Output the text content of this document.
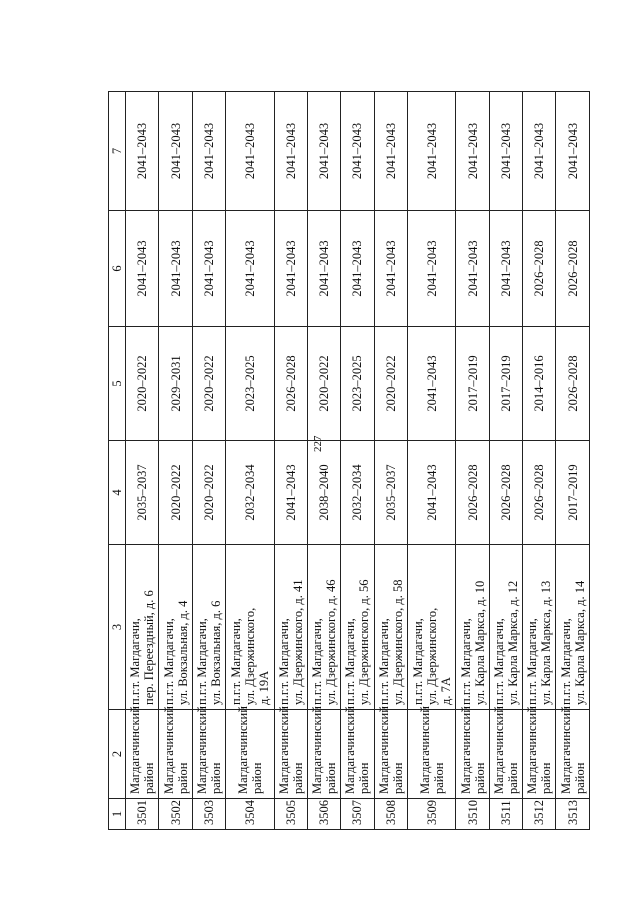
227
1	2	3	4	5	6	7
3501	Магдагачинский район	п.г.т. Магдагачи, пер. Переездный, д. 6	2035–2037	2020–2022	2041–2043	2041–2043
3502	Магдагачинский район	п.г.т. Магдагачи, ул. Вокзальная, д. 4	2020–2022	2029–2031	2041–2043	2041–2043
3503	Магдагачинский район	п.г.т. Магдагачи, ул. Вокзальная, д. 6	2020–2022	2020–2022	2041–2043	2041–2043
3504	Магдагачинский район	п.г.т. Магдагачи, ул. Дзержинского, д. 19А	2032–2034	2023–2025	2041–2043	2041–2043
3505	Магдагачинский район	п.г.т. Магдагачи, ул. Дзержинского, д. 41	2041–2043	2026–2028	2041–2043	2041–2043
3506	Магдагачинский район	п.г.т. Магдагачи, ул. Дзержинского, д. 46	2038–2040	2020–2022	2041–2043	2041–2043
3507	Магдагачинский район	п.г.т. Магдагачи, ул. Дзержинского, д. 56	2032–2034	2023–2025	2041–2043	2041–2043
3508	Магдагачинский район	п.г.т. Магдагачи, ул. Дзержинского, д. 58	2035–2037	2020–2022	2041–2043	2041–2043
3509	Магдагачинский район	п.г.т. Магдагачи, ул. Дзержинского, д. 7А	2041–2043	2041–2043	2041–2043	2041–2043
3510	Магдагачинский район	п.г.т. Магдагачи, ул. Карла Маркса, д. 10	2026–2028	2017–2019	2041–2043	2041–2043
3511	Магдагачинский район	п.г.т. Магдагачи, ул. Карла Маркса, д. 12	2026–2028	2017–2019	2041–2043	2041–2043
3512	Магдагачинский район	п.г.т. Магдагачи, ул. Карла Маркса, д. 13	2026–2028	2014–2016	2026–2028	2041–2043
3513	Магдагачинский район	п.г.т. Магдагачи, ул. Карла Маркса, д. 14	2017–2019	2026–2028	2026–2028	2041–2043
